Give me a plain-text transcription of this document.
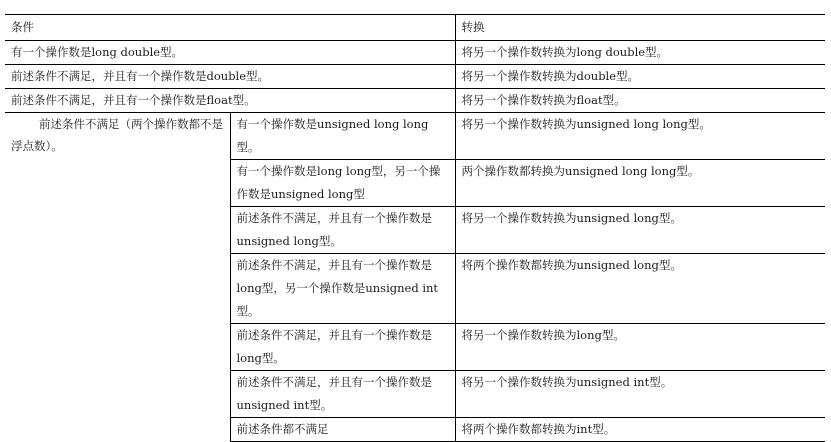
条件		转换
有一个操作数是long double型。		将另一个操作数转换为long double型。
前述条件不满足，并且有一个操作数是double型。		将另一个操作数转换为double型。
前述条件不满足，并且有一个操作数是float型。		将另一个操作数转换为float型。
前述条件不满足（两个操作数都不是浮点数）。	有一个操作数是unsigned long long型。	将另一个操作数转换为unsigned long long型。
	有一个操作数是long long型，另一个操作数是unsigned long型	两个操作数都转换为unsigned long long型。
	前述条件不满足，并且有一个操作数是unsigned long型。	将另一个操作数转换为unsigned long型。
	前述条件不满足，并且有一个操作数是long型，另一个操作数是unsigned int型。	将两个操作数都转换为unsigned long型。
	前述条件不满足，并且有一个操作数是long型。	将另一个操作数转换为long型。
	前述条件不满足，并且有一个操作数是unsigned int型。	将另一个操作数转换为unsigned int型。
	前述条件都不满足	将两个操作数都转换为int型。
